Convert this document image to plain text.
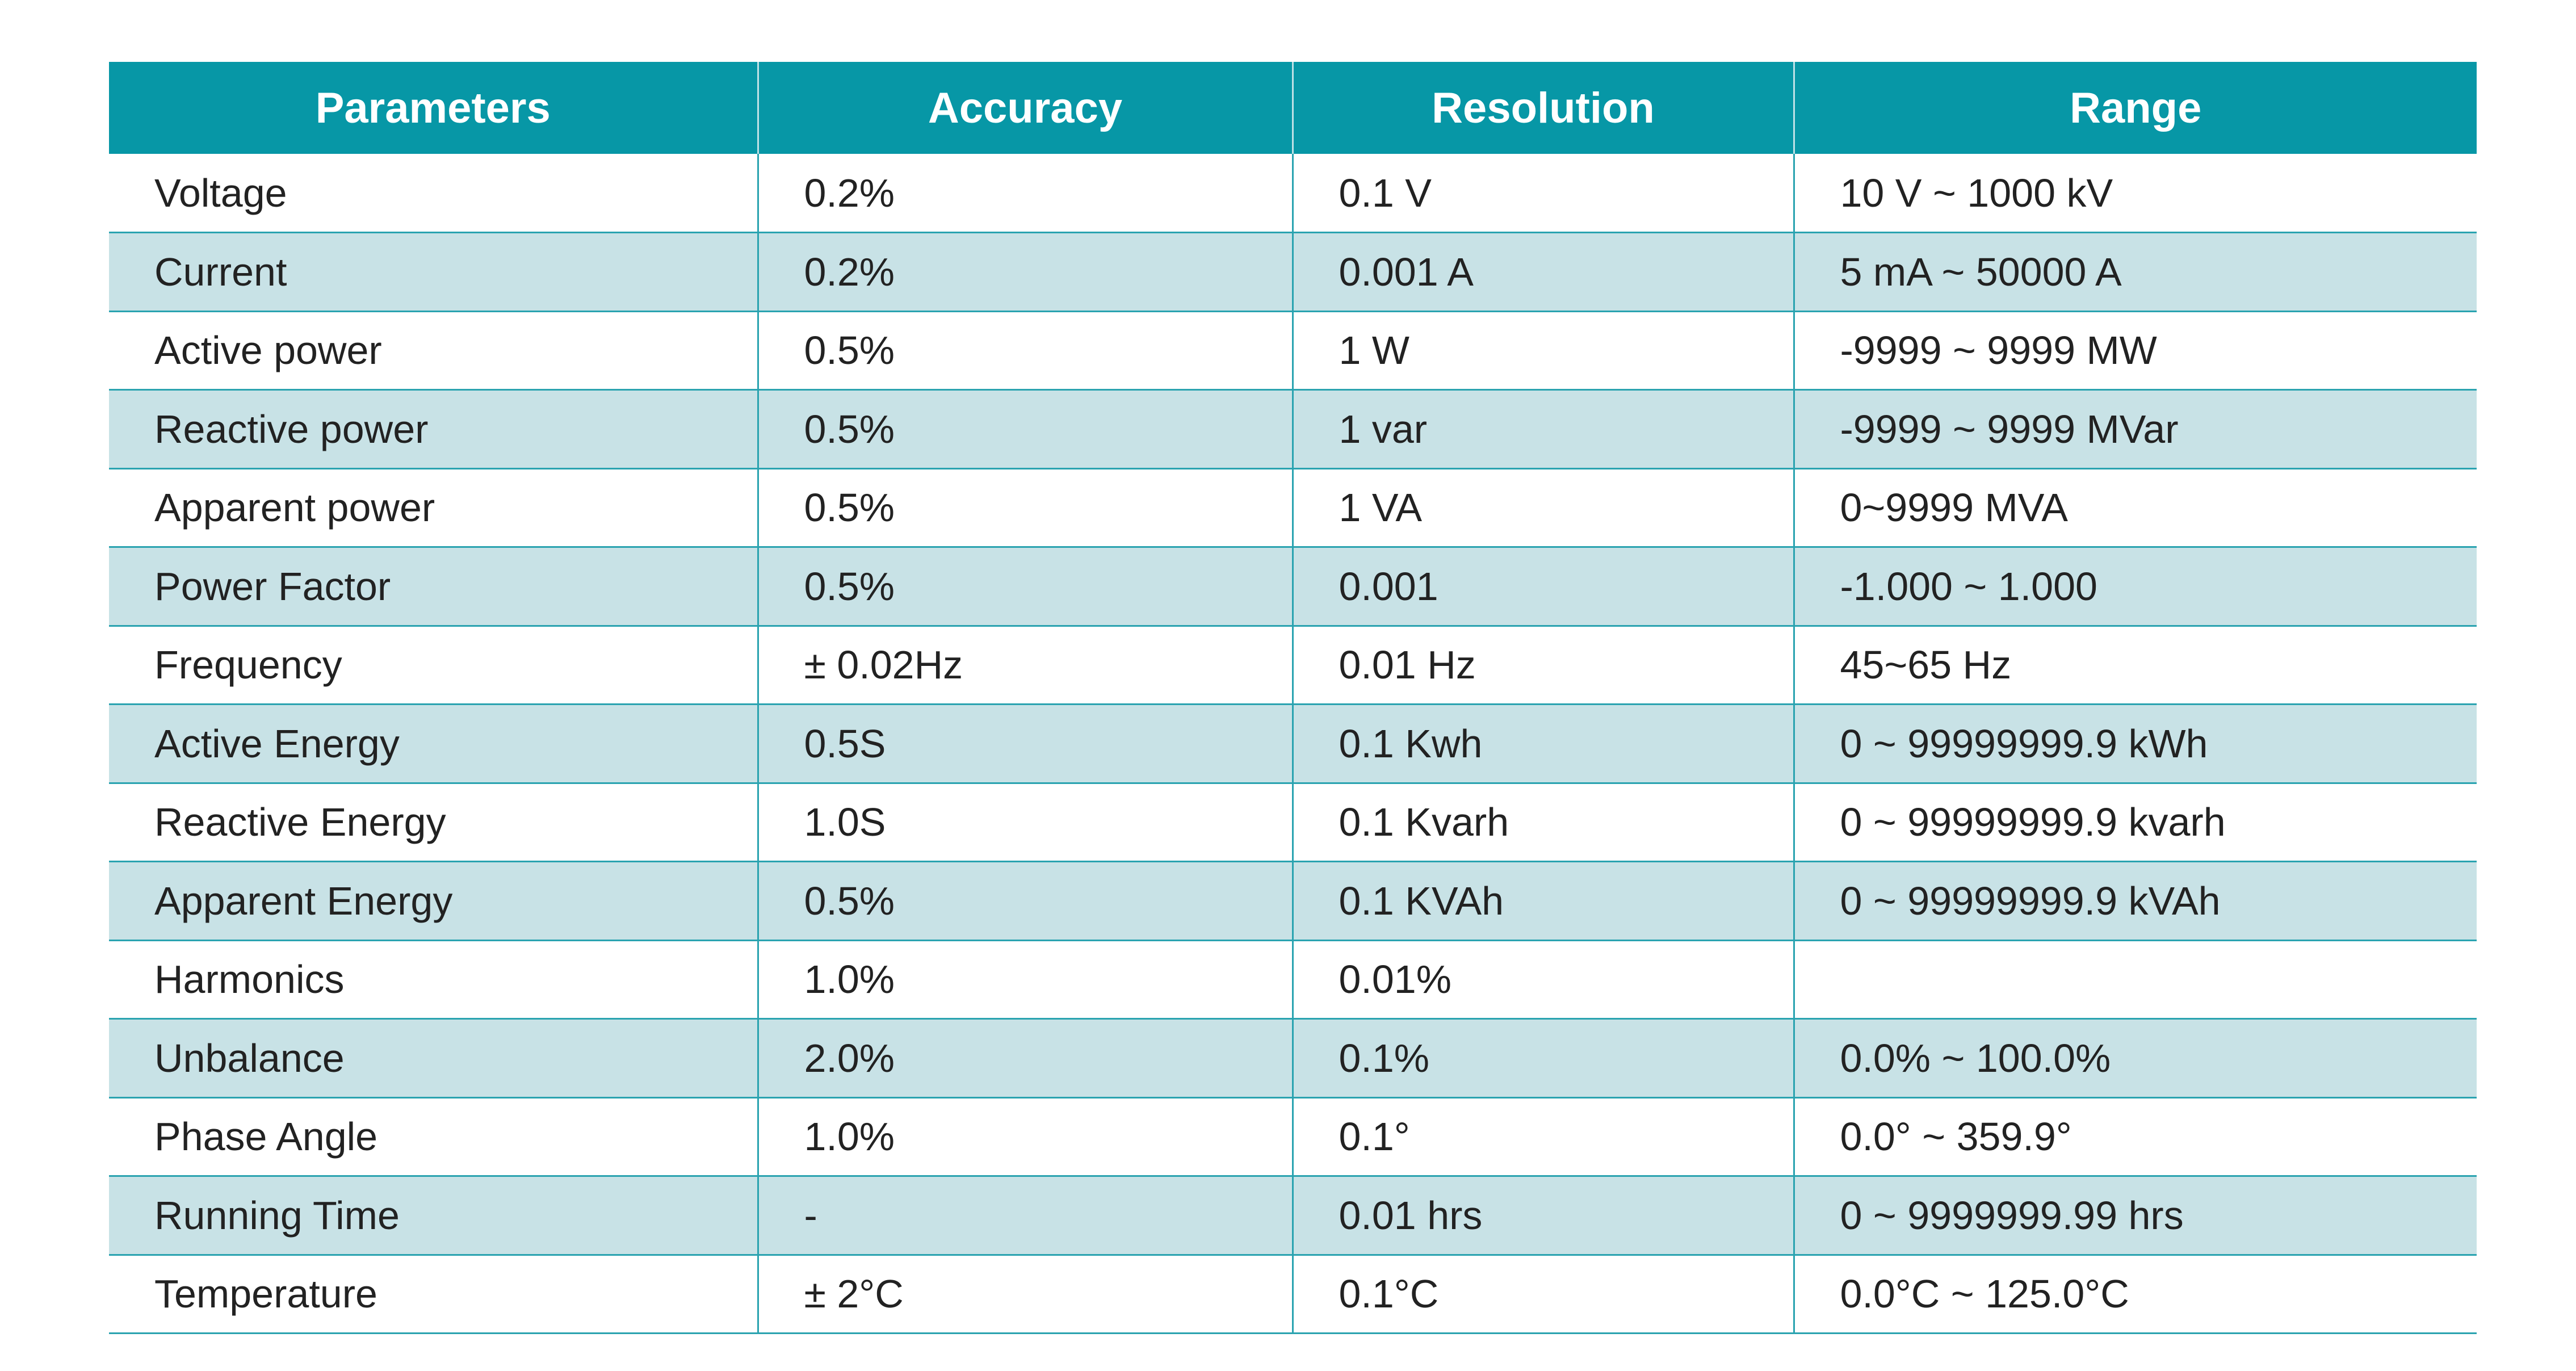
Parameters	Accuracy	Resolution	Range
Voltage	0.2%	0.1 V	10 V ~ 1000 kV
Current	0.2%	0.001 A	5 mA ~ 50000 A
Active power	0.5%	1 W	-9999 ~ 9999 MW
Reactive power	0.5%	1 var	-9999 ~ 9999 MVar
Apparent power	0.5%	1 VA	0~9999 MVA
Power Factor	0.5%	0.001	-1.000 ~ 1.000
Frequency	± 0.02Hz	0.01 Hz	45~65 Hz
Active Energy	0.5S	0.1 Kwh	0 ~ 99999999.9 kWh
Reactive Energy	1.0S	0.1 Kvarh	0 ~ 99999999.9 kvarh
Apparent Energy	0.5%	0.1 KVAh	0 ~ 99999999.9 kVAh
Harmonics	1.0%	0.01%	
Unbalance	2.0%	0.1%	0.0% ~ 100.0%
Phase Angle	1.0%	0.1°	0.0° ~ 359.9°
Running Time	-	0.01 hrs	0 ~ 9999999.99 hrs
Temperature	± 2°C	0.1°C	0.0°C ~ 125.0°C
